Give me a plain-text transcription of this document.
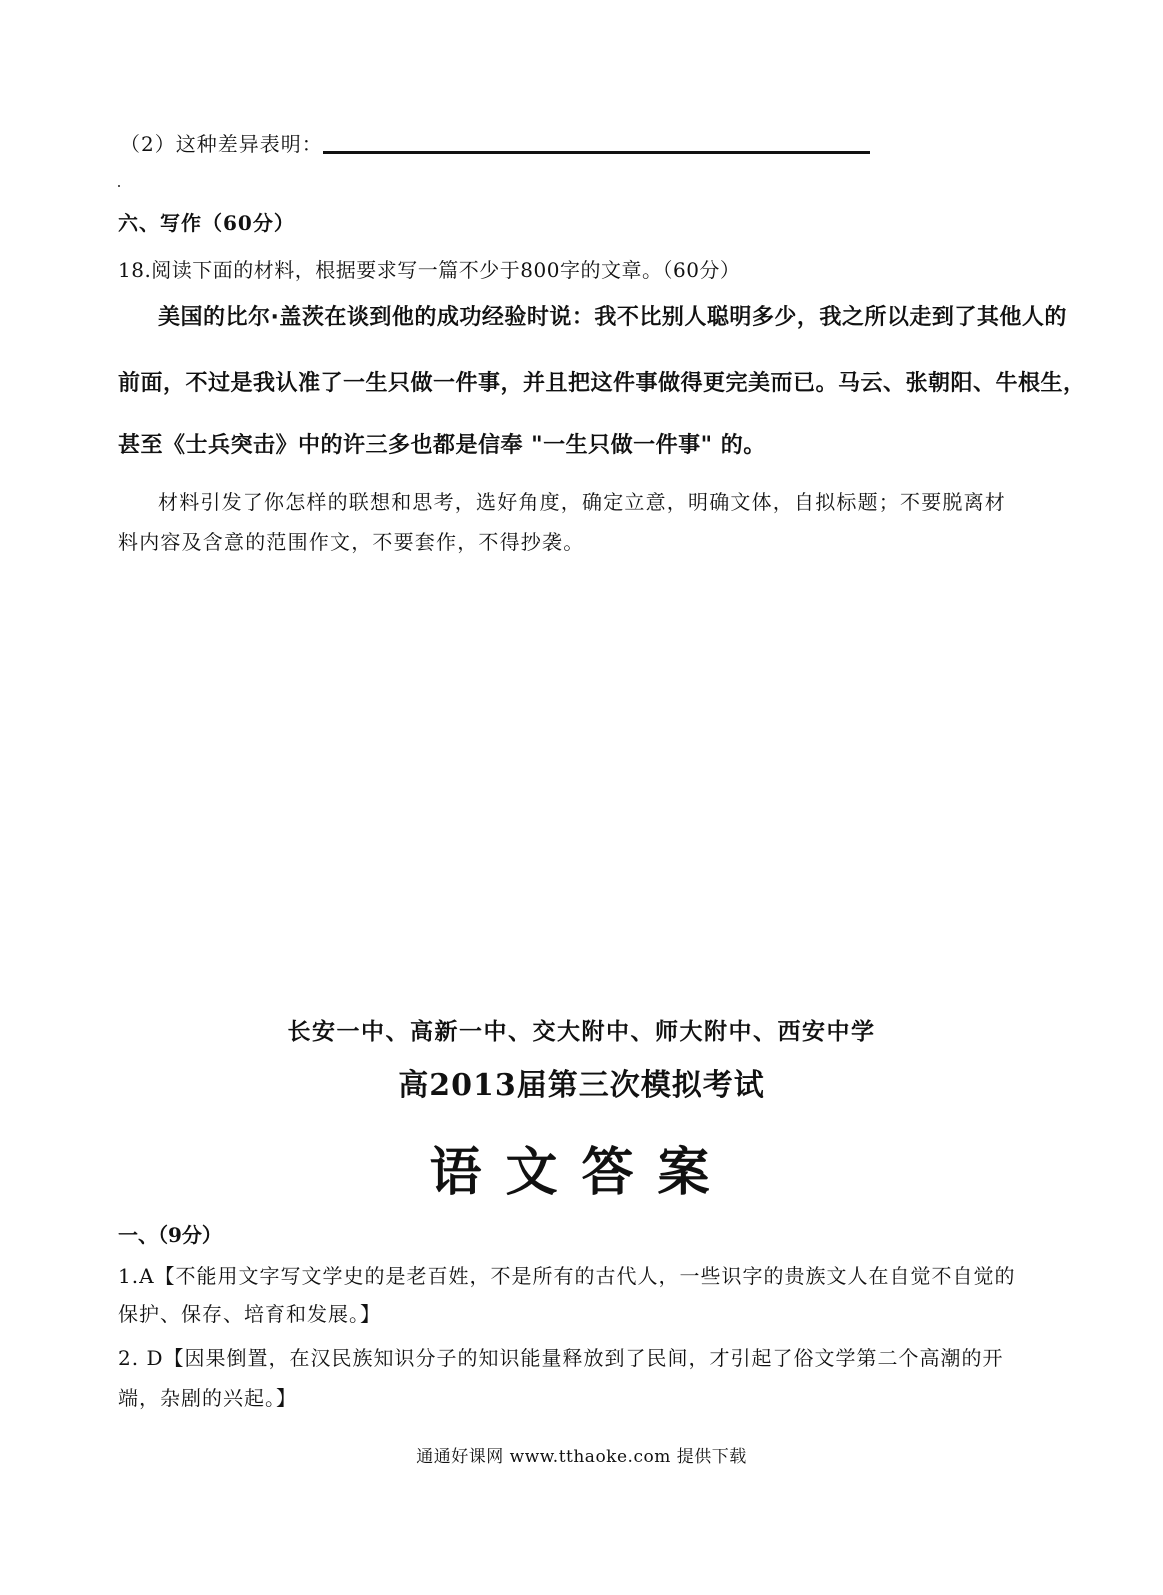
（2）这种差异表明：
六、写作（60分）
18.阅读下面的材料，根据要求写一篇不少于800字的文章。（60分）
美国的比尔·盖茨在谈到他的成功经验时说：我不比别人聪明多少，我之所以走到了其他人的
前面，不过是我认准了一生只做一件事，并且把这件事做得更完美而已。马云、张朝阳、牛根生，
甚至《士兵突击》中的许三多也都是信奉 "一生只做一件事" 的。
材料引发了你怎样的联想和思考，选好角度，确定立意，明确文体，自拟标题；不要脱离材
料内容及含意的范围作文，不要套作，不得抄袭。
长安一中、高新一中、交大附中、师大附中、西安中学
高2013届第三次模拟考试
语文答案
一、（9分）
1.A【不能用文字写文学史的是老百姓，不是所有的古代人，一些识字的贵族文人在自觉不自觉的
保护、保存、培育和发展。】
2. D【因果倒置，在汉民族知识分子的知识能量释放到了民间，才引起了俗文学第二个高潮的开
端，杂剧的兴起。】
通通好课网 www.tthaoke.com 提供下载
